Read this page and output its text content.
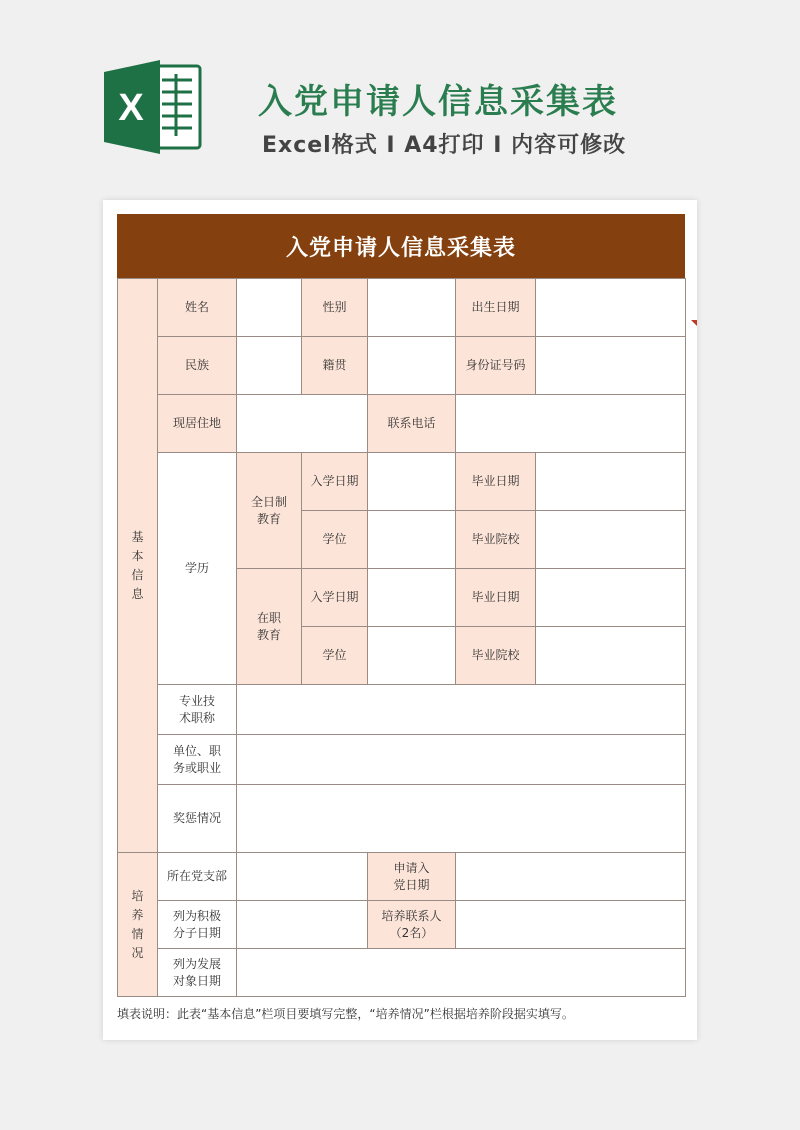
X	入党申请人信息采集表
Excel格式 Ⅰ A4打印 Ⅰ 内容可修改
入党申请人信息采集表
基本信息	姓名		性别		出生日期	
	民族		籍贯		身份证号码	
	现居住地			联系电话		
	学历	全日制教育	入学日期		毕业日期	
			学位		毕业院校	
		在职教育	入学日期		毕业日期	
			学位		毕业院校	
	专业技术职称					
	单位、职务或职业					
	奖惩情况					
培养情况	所在党支部			申请入党日期		
	列为积极分子日期			培养联系人（2名）		
	列为发展对象日期					
填表说明：此表“基本信息”栏项目要填写完整，“培养情况”栏根据培养阶段据实填写。
